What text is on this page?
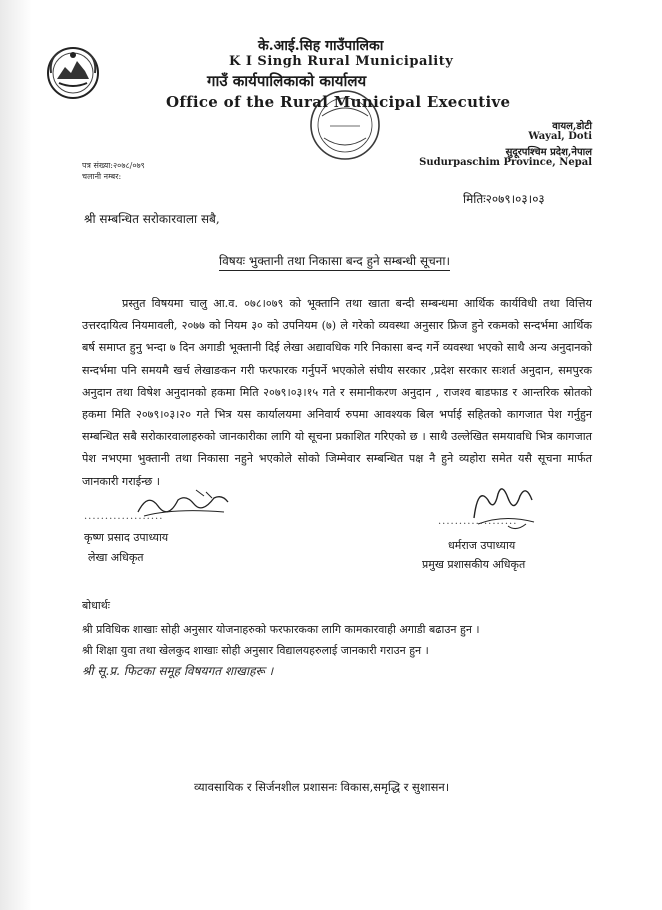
के.आई.सिह गाउँपालिका
K I Singh Rural Municipality
गाउँ कार्यपालिकाको कार्यालय
Office of the Rural Municipal Executive
वायल,डोटी
Wayal, Doti
सुदूरपश्चिम प्रदेश,नेपाल
Sudurpaschim Province, Nepal
पत्र संख्या:२०७८/०७९
चलानी नम्बर:
मितिः२०७९।०३।०३
श्री सम्बन्धित सरोकारवाला सबै,
विषयः भुक्तानी तथा निकासा बन्द हुने सम्बन्धी सूचना।
प्रस्तुत विषयमा चालु आ.व. ०७८।०७९ को भूक्तानि तथा खाता बन्दी सम्बन्धमा आर्थिक कार्यविधी तथा वित्तिय उत्तरदायित्व नियमावली, २०७७ को नियम ३० को उपनियम (७) ले गरेको व्यवस्था अनुसार फ्रिज हुने रकमको सन्दर्भमा आर्थिक बर्ष समाप्त हुनु भन्दा ७ दिन अगाडी भूक्तानी दिई लेखा अद्यावधिक गरि निकासा बन्द गर्ने व्यवस्था भएको साथै अन्य अनुदानको सन्दर्भमा पनि समयमै खर्च लेखाङकन गरी फरफारक गर्नुपर्ने भएकोले संघीय सरकार ,प्रदेश सरकार सःशर्त अनुदान, समपुरक अनुदान तथा विषेश अनुदानको हकमा मिति २०७९।०३।१५ गते र समानीकरण अनुदान , राजश्व बाडफाड र आन्तरिक स्रोतको हकमा मिति २०७९।०३।२० गते भित्र यस कार्यालयमा अनिवार्य रुपमा आवश्यक बिल भर्पाई सहितको कागजात पेश गर्नुहुन सम्बन्धित सबै सरोकारवालाहरुको जानकारीका लागि यो सूचना प्रकाशित गरिएको छ । साथै उल्लेखित समयावधि भित्र कागजात पेश नभएमा भुक्तानी तथा निकासा नहुने भएकोले सोको जिम्मेवार सम्बन्धित पक्ष नै हुने व्यहोरा समेत यसै सूचना मार्फत जानकारी गराईन्छ ।
...................
कृष्ण प्रसाद उपाध्याय
लेखा अधिकृत
...................
धर्मराज उपाध्याय
प्रमुख प्रशासकीय अधिकृत
बोधार्थः
श्री प्रविधिक शाखाः सोही अनुसार योजनाहरुको फरफारकका लागि कामकारवाही अगाडी बढाउन हुन ।
श्री शिक्षा युवा तथा खेलकुद शाखाः सोही अनुसार विद्यालयहरुलाई जानकारी गराउन हुन ।
श्री सू.प्र. फिटका समूह विषयगत शाखाहरू ।
व्यावसायिक र सिर्जनशील प्रशासनः विकास,समृद्धि र सुशासन।
